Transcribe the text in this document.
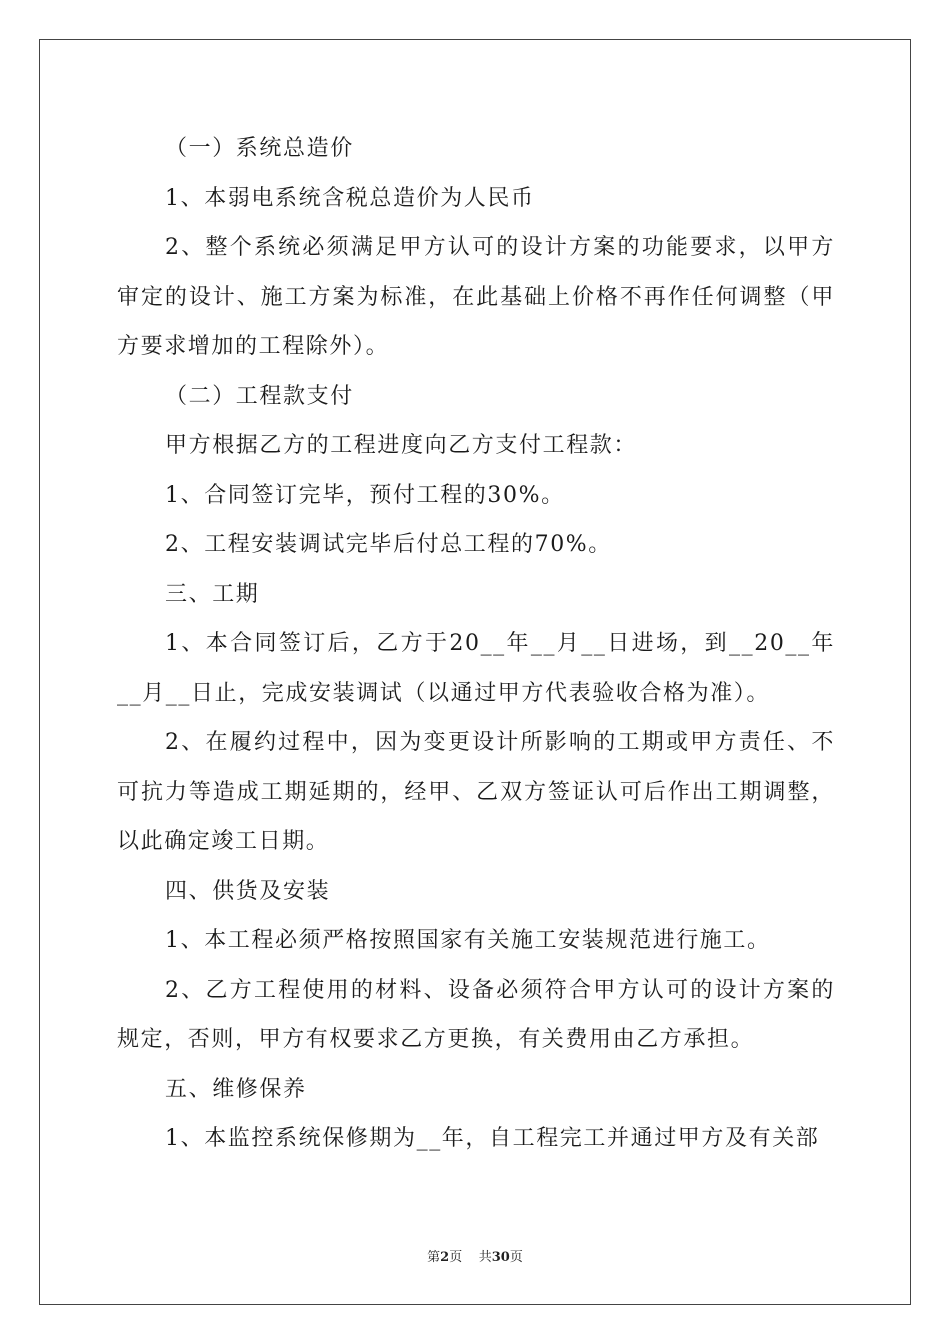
（一）系统总造价

1、本弱电系统含税总造价为人民币

2、整个系统必须满足甲方认可的设计方案的功能要求，以甲方审定的设计、施工方案为标准，在此基础上价格不再作任何调整（甲方要求增加的工程除外）。

（二）工程款支付

甲方根据乙方的工程进度向乙方支付工程款：

1、合同签订完毕，预付工程的30%。

2、工程安装调试完毕后付总工程的70%。

三、工期

1、本合同签订后，乙方于20__年__月__日进场，到__20__年__月__日止，完成安装调试（以通过甲方代表验收合格为准）。

2、在履约过程中，因为变更设计所影响的工期或甲方责任、不可抗力等造成工期延期的，经甲、乙双方签证认可后作出工期调整，以此确定竣工日期。

四、供货及安装

1、本工程必须严格按照国家有关施工安装规范进行施工。

2、乙方工程使用的材料、设备必须符合甲方认可的设计方案的规定，否则，甲方有权要求乙方更换，有关费用由乙方承担。

五、维修保养

1、本监控系统保修期为__年，自工程完工并通过甲方及有关部

第2页 共30页
